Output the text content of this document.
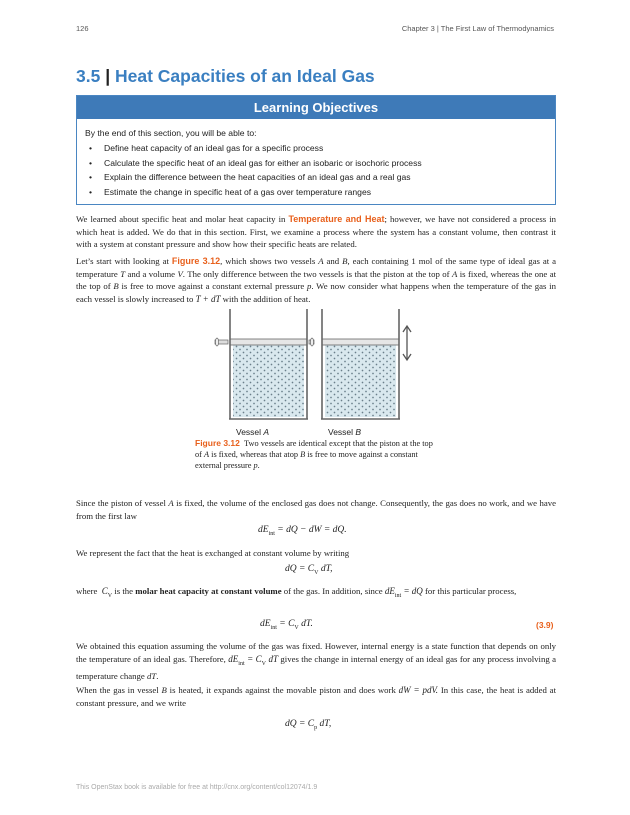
126	Chapter 3 | The First Law of Thermodynamics
3.5 | Heat Capacities of an Ideal Gas
Learning Objectives
By the end of this section, you will be able to:
• Define heat capacity of an ideal gas for a specific process
• Calculate the specific heat of an ideal gas for either an isobaric or isochoric process
• Explain the difference between the heat capacities of an ideal gas and a real gas
• Estimate the change in specific heat of a gas over temperature ranges
We learned about specific heat and molar heat capacity in Temperature and Heat; however, we have not considered a process in which heat is added. We do that in this section. First, we examine a process where the system has a constant volume, then contrast it with a system at constant pressure and show how their specific heats are related.
Let’s start with looking at Figure 3.12, which shows two vessels A and B, each containing 1 mol of the same type of ideal gas at a temperature T and a volume V. The only difference between the two vessels is that the piston at the top of A is fixed, whereas the one at the top of B is free to move against a constant external pressure p. We now consider what happens when the temperature of the gas in each vessel is slowly increased to T + dT with the addition of heat.
Vessel A	Vessel B
Figure 3.12 Two vessels are identical except that the piston at the top of A is fixed, whereas that atop B is free to move against a constant external pressure p.
Since the piston of vessel A is fixed, the volume of the enclosed gas does not change. Consequently, the gas does no work, and we have from the first law
$dE_{int}$ = dQ − dW = dQ.
We represent the fact that the heat is exchanged at constant volume by writing
dQ = $C_V$ dT,
where $C_V$ is the molar heat capacity at constant volume of the gas. In addition, since $dE_{int}$ = dQ for this particular process,
$dE_{int} = C_V$ dT.	(3.9)
We obtained this equation assuming the volume of the gas was fixed. However, internal energy is a state function that depends on only the temperature of an ideal gas. Therefore, $dE_{int} = C_V$ dT gives the change in internal energy of an ideal gas for any process involving a temperature change dT.
When the gas in vessel B is heated, it expands against the movable piston and does work dW = pdV. In this case, the heat is added at constant pressure, and we write
dQ = $C_p$ dT,
This OpenStax book is available for free at http://cnx.org/content/col12074/1.9
